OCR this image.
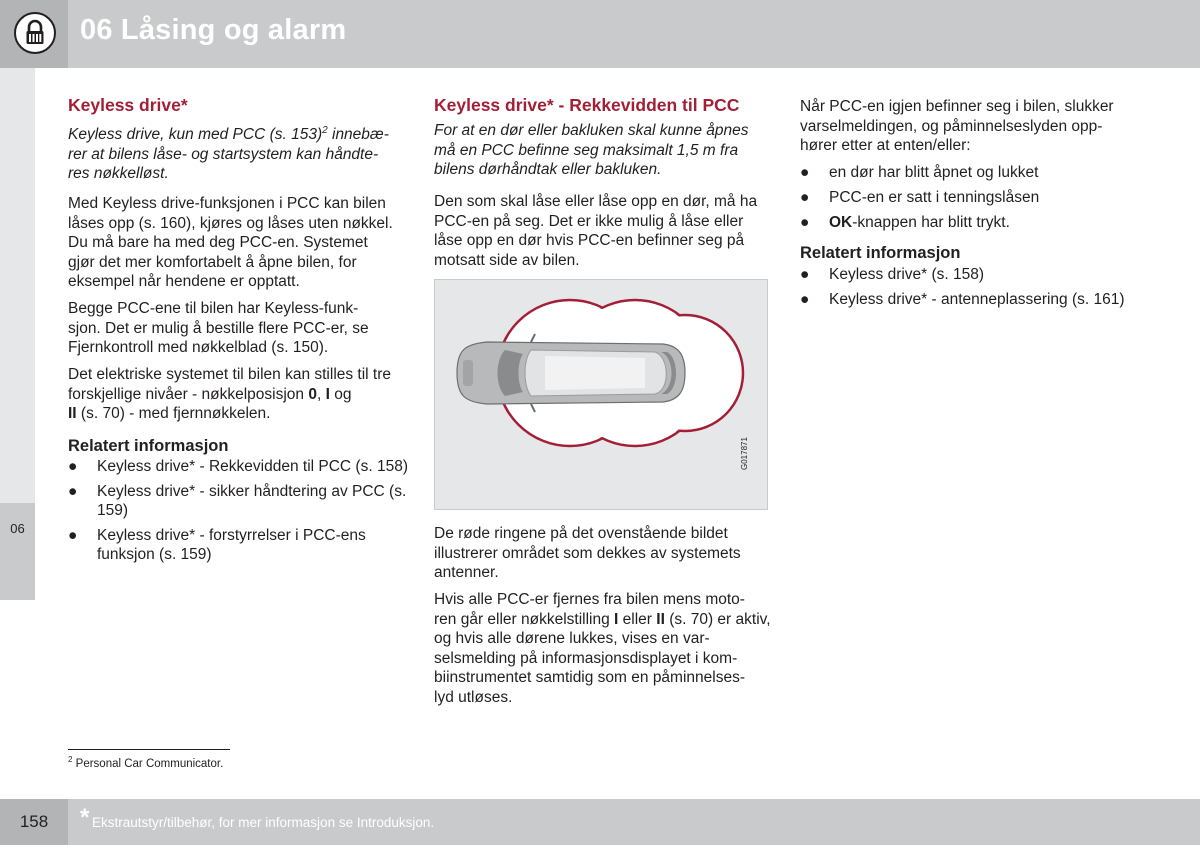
06 Låsing og alarm
06
Keyless drive*

Keyless drive, kun med PCC (s. 153)$^2$ innebæ-
rer at bilens låse- og startsystem kan håndte-
res nøkkelløst.

Med Keyless drive-funksjonen i PCC kan bilen låses opp (s. 160), kjøres og låses uten nøkkel. Du må bare ha med deg PCC-en. Systemet gjør det mer komfortabelt å åpne bilen, for eksempel når hendene er opptatt.

Begge PCC-ene til bilen har Keyless-funk-
sjon. Det er mulig å bestille flere PCC-er, se Fjernkontroll med nøkkelblad (s. 150).

Det elektriske systemet til bilen kan stilles til tre forskjellige nivåer - nøkkelposisjon 0, I og
II (s. 70) - med fjernnøkkelen.

Relatert informasjon
● Keyless drive* - Rekkevidden til PCC (s. 158)
● Keyless drive* - sikker håndtering av PCC (s. 159)
● Keyless drive* - forstyrrelser i PCC-ens funksjon (s. 159)
Keyless drive* - Rekkevidden til PCC

For at en dør eller bakluken skal kunne åpnes må en PCC befinne seg maksimalt 1,5 m fra bilens dørhåndtak eller bakluken.

Den som skal låse eller låse opp en dør, må ha PCC-en på seg. Det er ikke mulig å låse eller låse opp en dør hvis PCC-en befinner seg på motsatt side av bilen.

G017871

De røde ringene på det ovenstående bildet illustrerer området som dekkes av systemets antenner.

Hvis alle PCC-er fjernes fra bilen mens moto-
ren går eller nøkkelstilling I eller II (s. 70) er aktiv, og hvis alle dørene lukkes, vises en var-
selsmelding på informasjonsdisplayet i kom-
biinstrumentet samtidig som en påminnelses-
lyd utløses.

Når PCC-en igjen befinner seg i bilen, slukker varselmeldingen, og påminnelseslyden opp-
hører etter at enten/eller:

● en dør har blitt åpnet og lukket
● PCC-en er satt i tenningslåsen
● OK-knappen har blitt trykt.
Relatert informasjon
● Keyless drive* (s. 158)
● Keyless drive* - antenneplassering (s. 161)
$^2$ Personal Car Communicator.
158	* Ekstrautstyr/tilbehør, for mer informasjon se Introduksjon.
